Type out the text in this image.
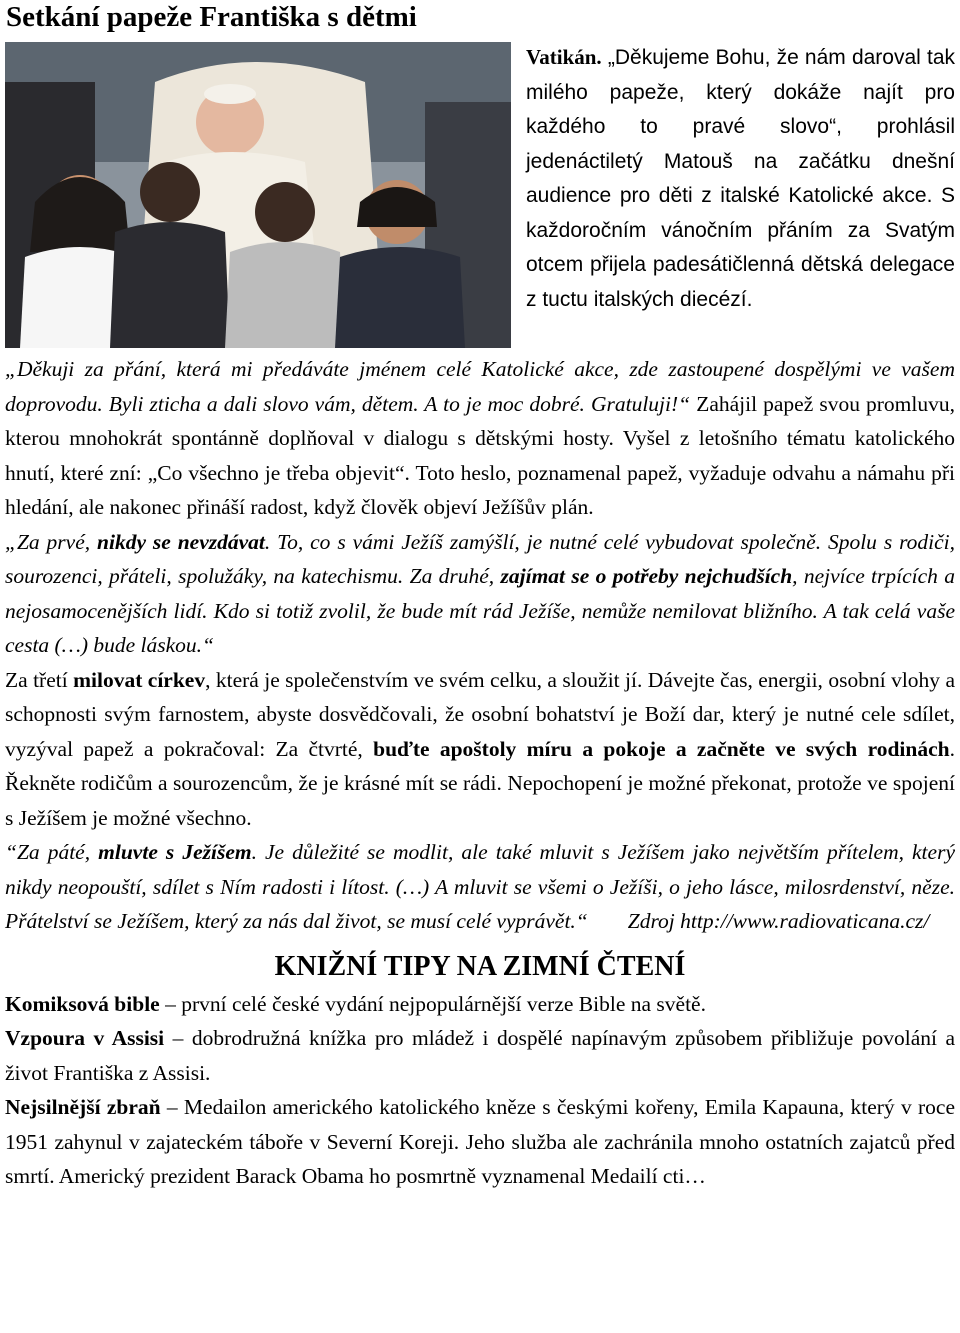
Setkání papeže Františka s dětmi
Vatikán. „Děkujeme Bohu, že nám daroval tak milého papeže, který dokáže najít pro každého to pravé slovo“, prohlásil jedenáctiletý Matouš na začátku dnešní audience pro děti z italské Katolické akce. S každoročním vánočním přáním za Svatým otcem přijela padesátičlenná dětská delegace z tuctu italských diecézí.

„Děkuji za přání, která mi předáváte jménem celé Katolické akce, zde zastoupené dospělými ve vašem doprovodu. Byli zticha a dali slovo vám, dětem. A to je moc dobré. Gratuluji!“ Zahájil papež svou promluvu, kterou mnohokrát spontánně doplňoval v dialogu s dětskými hosty. Vyšel z letošního tématu katolického hnutí, které zní: „Co všechno je třeba objevit“. Toto heslo, poznamenal papež, vyžaduje odvahu a námahu při hledání, ale nakonec přináší radost, když člověk objeví Ježíšův plán.

„Za prvé, nikdy se nevzdávat. To, co s vámi Ježíš zamýšlí, je nutné celé vybudovat společně. Spolu s rodiči, sourozenci, přáteli, spolužáky, na katechismu. Za druhé, zajímat se o potřeby nejchudších, nejvíce trpících a nejosamocenějších lidí. Kdo si totiž zvolil, že bude mít rád Ježíše, nemůže nemilovat bližního. A tak celá vaše cesta (…) bude láskou.“

Za třetí milovat církev, která je společenstvím ve svém celku, a sloužit jí. Dávejte čas, energii, osobní vlohy a schopnosti svým farnostem, abyste dosvědčovali, že osobní bohatství je Boží dar, který je nutné cele sdílet, vyzýval papež a pokračoval: Za čtvrté, buďte apoštoly míru a pokoje a začněte ve svých rodinách. Řekněte rodičům a sourozencům, že je krásné mít se rádi. Nepochopení je možné překonat, protože ve spojení s Ježíšem je možné všechno.

“Za páté, mluvte s Ježíšem. Je důležité se modlit, ale také mluvit s Ježíšem jako největším přítelem, který nikdy neopouští, sdílet s Ním radosti i lítost. (…) A mluvit se všemi o Ježíši, o jeho lásce, milosrdenství, něze. Přátelství se Ježíšem, který za nás dal život, se musí celé vyprávět.“ Zdroj http://www.radiovaticana.cz/

KNIŽNÍ TIPY NA ZIMNÍ ČTENÍ

Komiksová bible – první celé české vydání nejpopulárnější verze Bible na světě.

Vzpoura v Assisi – dobrodružná knížka pro mládež i dospělé napínavým způsobem přibližuje povolání a život Františka z Assisi.

Nejsilnější zbraň – Medailon amerického katolického kněze s českými kořeny, Emila Kapauna, který v roce 1951 zahynul v zajateckém táboře v Severní Koreji. Jeho služba ale zachránila mnoho ostatních zajatců před smrtí. Americký prezident Barack Obama ho posmrtně vyznamenal Medailí cti…
